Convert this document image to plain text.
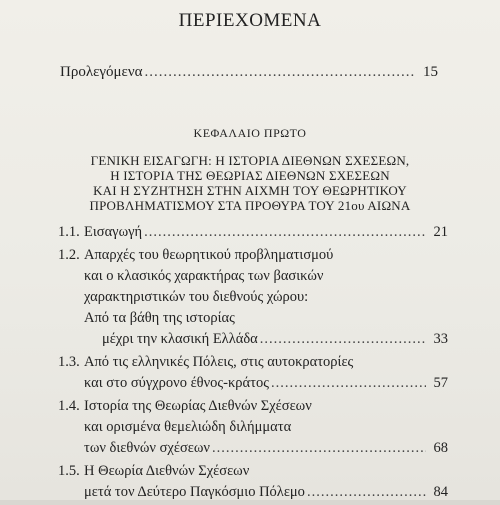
ΠΕΡΙΕΧΟΜΕΝΑ
Προλεγόμενα .....	15
ΚΕΦΑΛΑΙΟ ΠΡΩΤΟ
ΓΕΝΙΚΗ ΕΙΣΑΓΩΓΗ: Η ΙΣΤΟΡΙΑ ΔΙΕΘΝΩΝ ΣΧΕΣΕΩΝ,
Η ΙΣΤΟΡΙΑ ΤΗΣ ΘΕΩΡΙΑΣ ΔΙΕΘΝΩΝ ΣΧΕΣΕΩΝ
ΚΑΙ Η ΣΥΖΗΤΗΣΗ ΣΤΗΝ ΑΙΧΜΗ ΤΟΥ ΘΕΩΡΗΤΙΚΟΥ
ΠΡΟΒΛΗΜΑΤΙΣΜΟΥ ΣΤΑ ΠΡΟΘΥΡΑ ΤΟΥ 21ου ΑΙΩΝΑ
1.1. Εισαγωγή .....	21
1.2. Απαρχές του θεωρητικού προβληματισμού
και ο κλασικός χαρακτήρας των βασικών
χαρακτηριστικών του διεθνούς χώρου:
Από τα βάθη της ιστορίας
μέχρι την κλασική Ελλάδα .....	33
1.3. Από τις ελληνικές Πόλεις, στις αυτοκρατορίες
και στο σύγχρονο έθνος-κράτος .....	57
1.4. Ιστορία της Θεωρίας Διεθνών Σχέσεων
και ορισμένα θεμελιώδη διλήμματα
των διεθνών σχέσεων .....	68
1.5. Η Θεωρία Διεθνών Σχέσεων
μετά τον Δεύτερο Παγκόσμιο Πόλεμο .....	84
